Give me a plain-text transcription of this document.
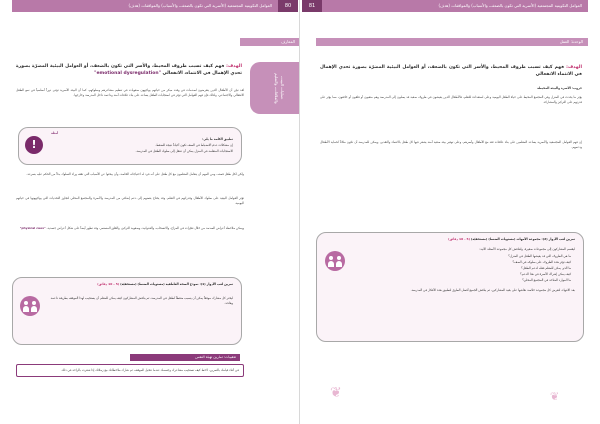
العوامل التكوينية المجتمعية (الأسرية التي تكون بالضعف، والأسباب) والمواقفات (هدف)	80
المعارف
عمليات البيت، والعلاقات، والتعليم
الهدف: فهم كيف تسبب ظروف المحيط، والأسر التي تكون بالضعف، أو العوامل البيئية المضرّة بصورة تحدي الإهمال في الانتماء، الانفعالي "emotional dysregulation"
لقد تبيّن أن الأطفال الذين يتعرضون لصدمات في وقت مبكر من حياتهم يواجهون صعوبات في تنظيم مشاعرهم وسلوكهم، كما أن البيئة الأسرية تؤدي دوراً أساسياً في نمو الطفل الانفعالي والاجتماعي، ولذلك فإن فهم العوامل التي تؤثر في استجابات الطفل يساعد على بناء علاقات آمنة وداعمة داخل المدرسة وخارجها.
!
أمثلة
تطبيق الكلمة ما يلي:
إن مشكلات عدم الانضباط في الصف تكون أحياناً نتيجة للضغط.
الاستجابات المتعلمة في المنزل يمكن أن تنتقل إلى سلوك الطفل في المدرسة.
ولكن لكل طفل قصته، ومن المهم أن يتعامل المعلمون مع كل طفل على أنه فرد له احتياجاته الخاصة، وأن يبحثوا عن الأسباب التي تقف وراء السلوك بدلاً من الحكم عليه بسرعة.
تؤثر العوامل البيئية على سلوك الأطفال وقدراتهم في التعلم، وقد يحتاج بعضهم إلى دعم إضافي من المدرسة والأسرة والمجتمع المحلي لتجاوز التحديات التي يواجهونها في حياتهم اليومية.
ويمكن ملاحظة أعراض الصدمة من خلال تغيّرات في المزاج، والانسحاب، والعدوانية، وصعوبة التركيز، والقلق المستمر، وقد تظهر أيضاً على شكل أعراض جسدية. "physical cues"
تمرين لعب الأدوار (1): نموذج الصحة العاطفية (مستويات الضغط) (مستحقيّة) (5 - 10 دقائق)
ليختر كل مشارك موقفاً يمكن أن يسبب ضغطاً لطفل في المدرسة، ثم يناقش المشاركون كيف يمكن للمعلم أن يستجيب لهذا الموقف بطريقة داعمة وهادئة.
تعقيبات: تمارين تهيئة النفس
في أثناء قيامك بالتمرين، لاحظ كيف تستجيب مشاعرك وجسمك عندما تتخيل الموقف، ثم شارك ملاحظاتك مع زملائك إذا شعرت بالراحة في ذلك.
العوامل التكوينية المجتمعية (الأسرية التي تكون بالضعف، والأسباب) والمواقفات (هدف)
81
الوحدة: العمل
الهدف: فهم كيف تسبب ظروف المحيط، والأسر التي تكون بالضعف، أو العوامل البيئية المضرّة بصورة تحدي الإهمال في الانتماء الانفعالي
حروب: الأسرة والبيئة المحيطة
يؤثر ما يحدث في المنزل وفي المجتمع المحيط على حياة الطفل اليومية وعلى استعداده للتعلم، فالأطفال الذين يعيشون في ظروف صعبة قد يصلون إلى المدرسة وهم متعبون أو قلقون أو خائفون، مما يؤثر على قدرتهم على التركيز والمشاركة.
إن فهم العوامل المجتمعية والأسرية يساعد المعلمين على بناء علاقات ثقة مع الأطفال وأسرهم، وعلى توفير بيئة صفية آمنة يشعر فيها كل طفل بالانتماء والتقدير، ويمكن للمدرسة أن تكون مكاناً لحماية الأطفال ودعمهم.
تمرين لعب الأدوار (2): مجموعة الأمهات (مستويات الضغط) (مستحقيّة) (5 - 10 دقائق)
ليقسم المشاركون إلى مجموعات صغيرة، ولتناقش كل مجموعة الأسئلة الآتية:
ما هي الظروف التي قد يعيشها الطفل في المنزل؟
كيف تؤثر هذه الظروف على سلوكه في الصف؟
ما الذي يمكن للمعلم فعله لدعم الطفل؟
كيف يمكن إشراك الأسرة في هذا الدعم؟
ما الموارد المتاحة في المجتمع المحلي؟
بعد الانتهاء، لتعرض كل مجموعة خلاصة نقاشها على بقية المشاركين، ثم يناقش الجميع أفضل الطرق لتطبيق هذه الأفكار في المدرسة.
❦	❦
